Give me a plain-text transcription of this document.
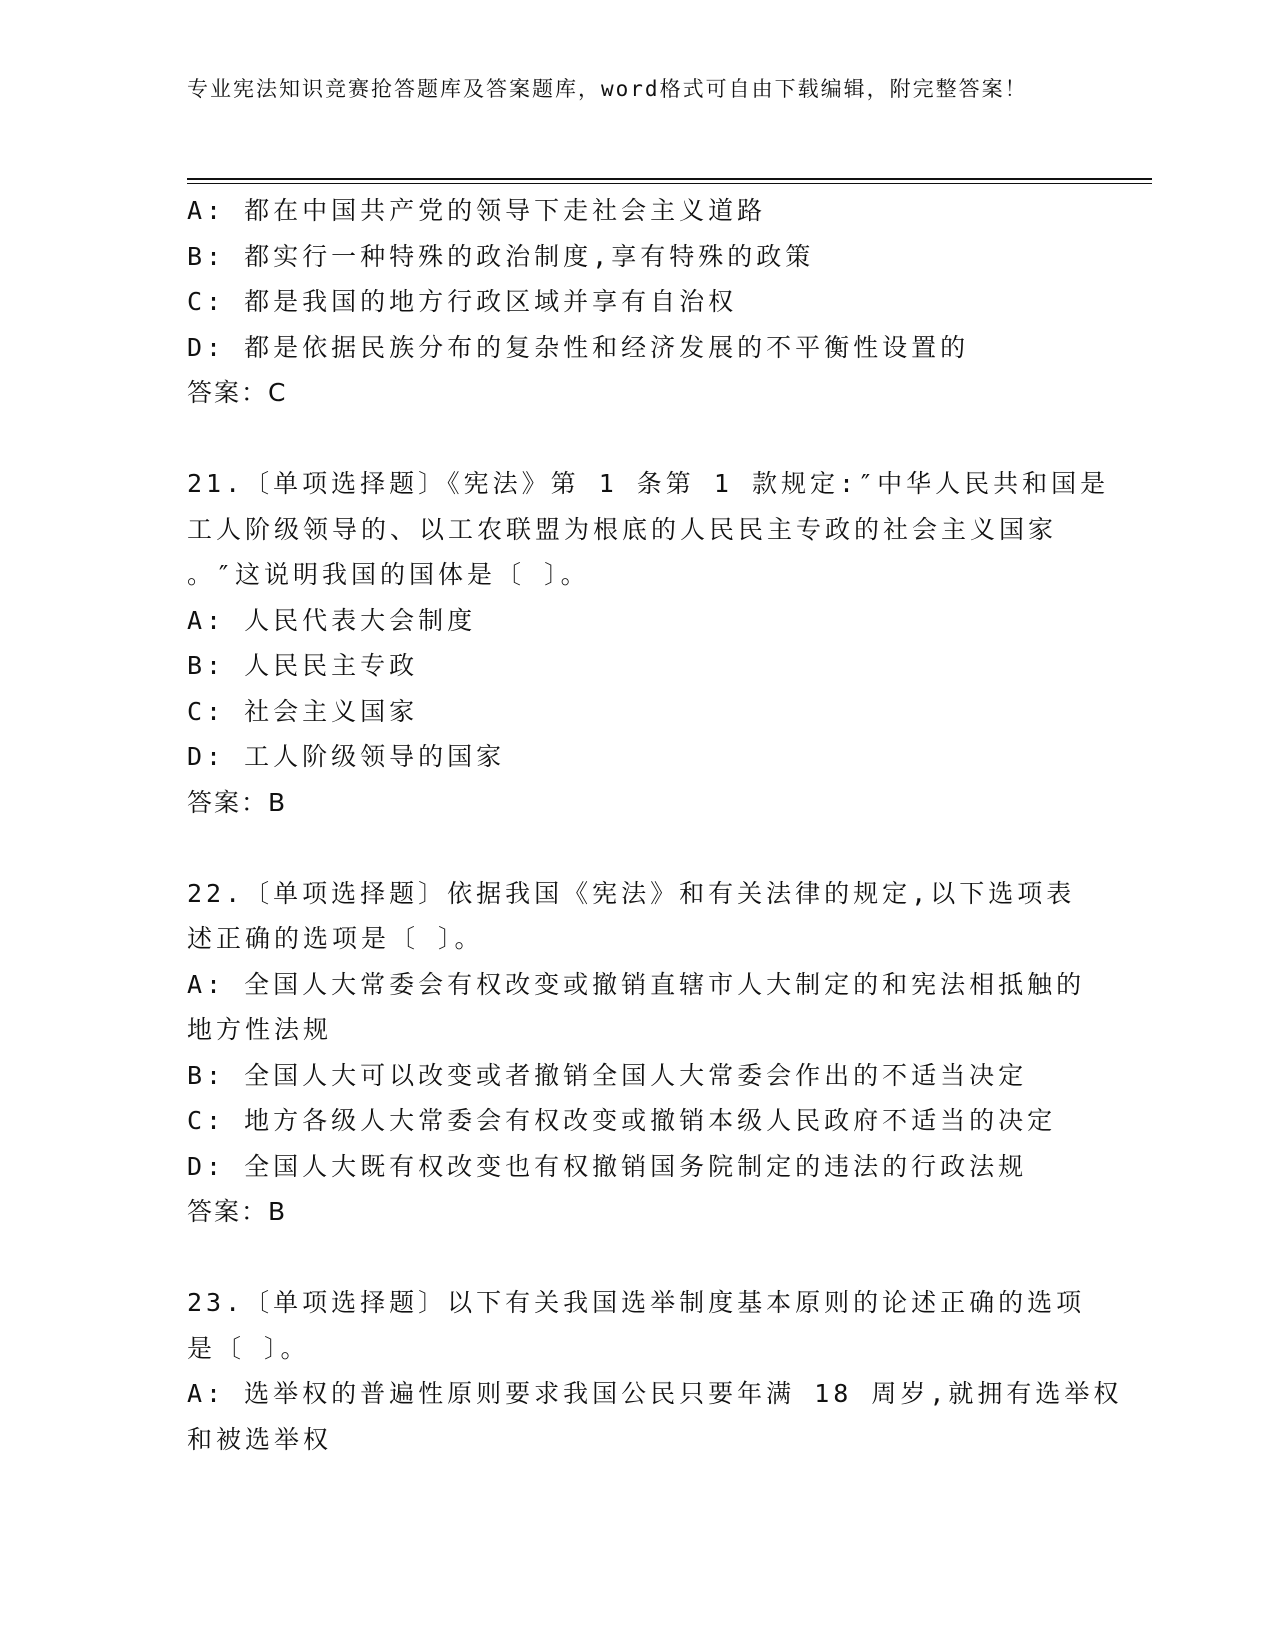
专业宪法知识竞赛抢答题库及答案题库，word格式可自由下载编辑，附完整答案！
A: 都在中国共产党的领导下走社会主义道路
B: 都实行一种特殊的政治制度,享有特殊的政策
C: 都是我国的地方行政区域并享有自治权
D: 都是依据民族分布的复杂性和经济发展的不平衡性设置的
答案：C
21.〔单项选择题〕《宪法》第 1 条第 1 款规定:″中华人民共和国是
工人阶级领导的、以工农联盟为根底的人民民主专政的社会主义国家
。″这说明我国的国体是〔 〕。
A: 人民代表大会制度
B: 人民民主专政
C: 社会主义国家
D: 工人阶级领导的国家
答案：B
22.〔单项选择题〕依据我国《宪法》和有关法律的规定,以下选项表
述正确的选项是〔 〕。
A: 全国人大常委会有权改变或撤销直辖市人大制定的和宪法相抵触的
地方性法规
B: 全国人大可以改变或者撤销全国人大常委会作出的不适当决定
C: 地方各级人大常委会有权改变或撤销本级人民政府不适当的决定
D: 全国人大既有权改变也有权撤销国务院制定的违法的行政法规
答案：B
23.〔单项选择题〕以下有关我国选举制度基本原则的论述正确的选项
是〔 〕。
A: 选举权的普遍性原则要求我国公民只要年满 18 周岁,就拥有选举权
和被选举权
